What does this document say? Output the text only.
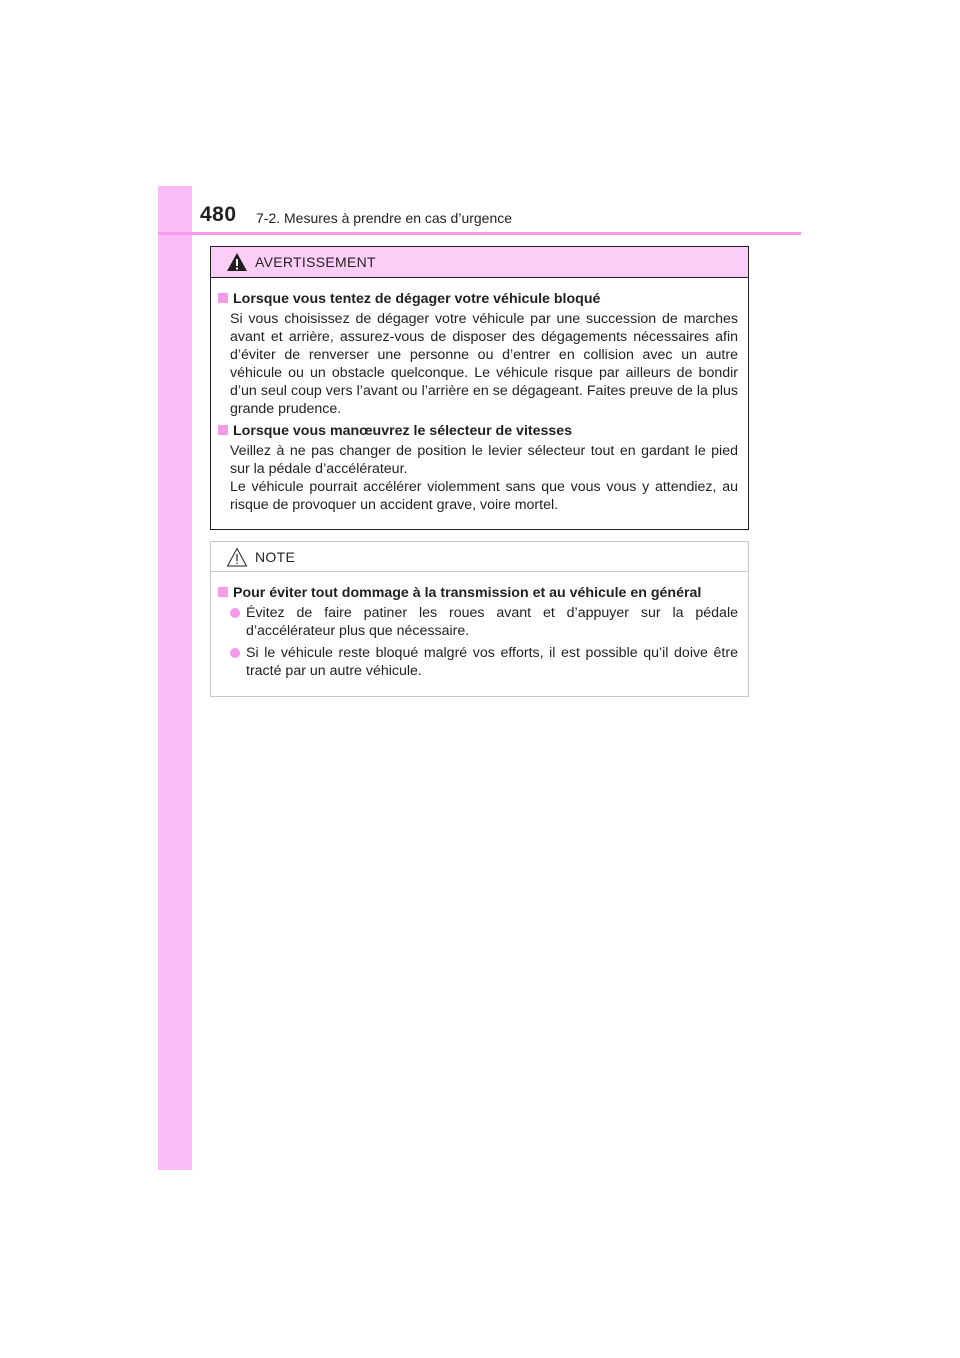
480 7-2. Mesures à prendre en cas d’urgence
AVERTISSEMENT
Lorsque vous tentez de dégager votre véhicule bloqué
Si vous choisissez de dégager votre véhicule par une succession de marches avant et arrière, assurez-vous de disposer des dégagements nécessaires afin d’éviter de renverser une personne ou d’entrer en collision avec un autre véhicule ou un obstacle quelconque. Le véhicule risque par ailleurs de bondir d’un seul coup vers l’avant ou l’arrière en se dégageant. Faites preuve de la plus grande prudence.
Lorsque vous manœuvrez le sélecteur de vitesses
Veillez à ne pas changer de position le levier sélecteur tout en gardant le pied sur la pédale d’accélérateur.
Le véhicule pourrait accélérer violemment sans que vous vous y attendiez, au risque de provoquer un accident grave, voire mortel.
NOTE
Pour éviter tout dommage à la transmission et au véhicule en général
Évitez de faire patiner les roues avant et d’appuyer sur la pédale d’accélérateur plus que nécessaire.
Si le véhicule reste bloqué malgré vos efforts, il est possible qu’il doive être tracté par un autre véhicule.
